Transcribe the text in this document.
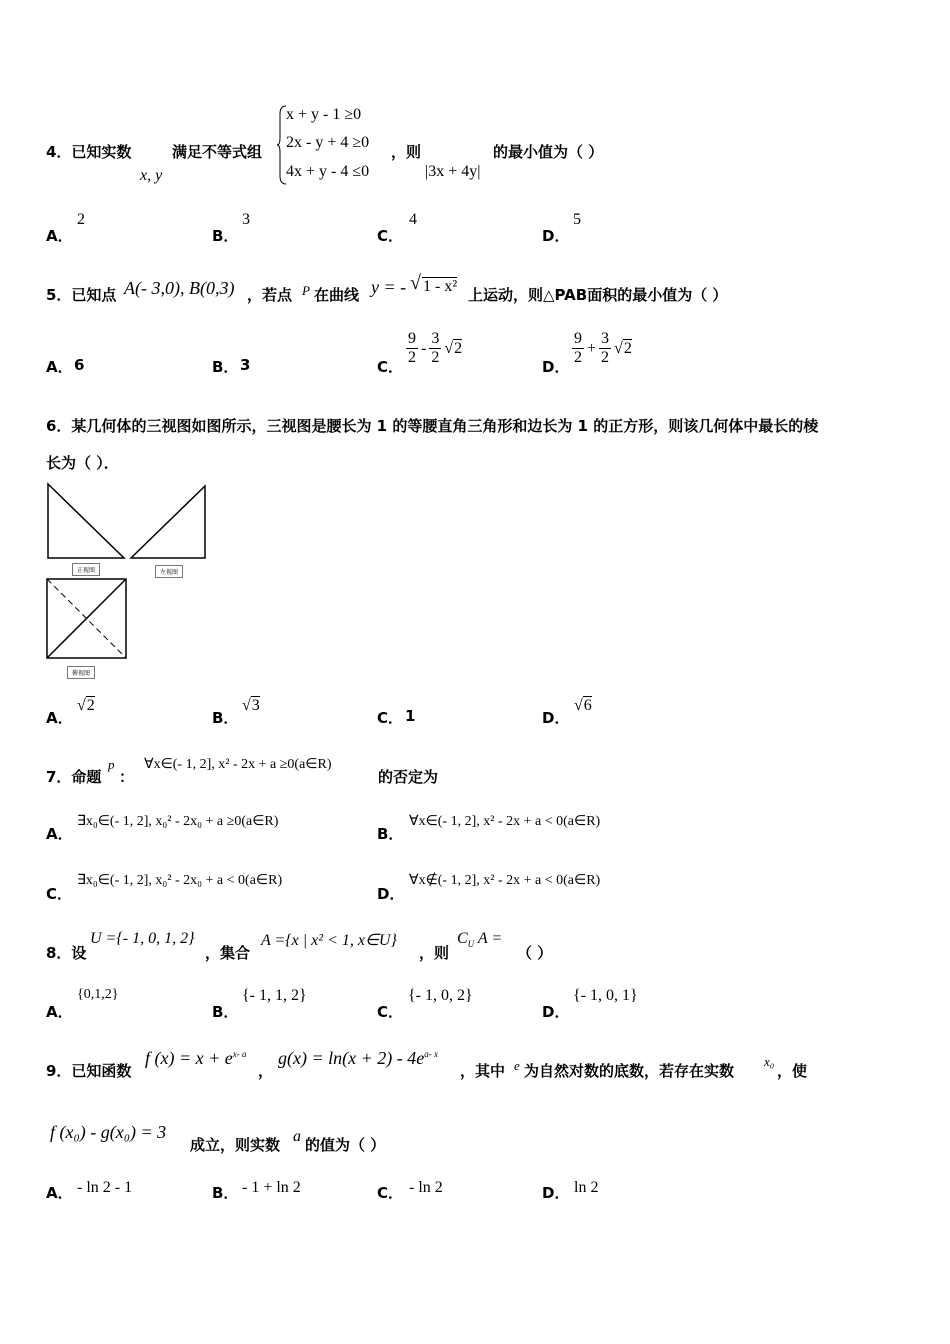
4．已知实数
x, y
满足不等式组
x + y - 1 ≥0
2x - y + 4 ≥0
4x + y - 4 ≤0
，则
|3x + 4y|
的最小值为（ ）
A．
2
B．
3
C．
4
D．
5
5．已知点 A(- 3,0), B(0,3) ，若点 P 在曲线 y = - √ 1 - x² 上运动，则△PAB面积的最小值为（ ）
A． 6	B． 3	C． $\frac{9}{2} - \frac{3}{2} √2$
D． $\frac{9}{2} + \frac{3}{2} √2$
6．某几何体的三视图如图所示，三视图是腰长为 1 的等腰直角三角形和边长为 1 的正方形，则该几何体中最长的棱
长为（ ）．
正视图	左视图
俯视图
A．
√2
B．
√3
C． 1	D．
√6
7．命题
p
：
∀x∈(- 1, 2], x² - 2x + a ≥0(a∈R)
的否定为
A．
∃x₀∈(- 1, 2], x₀² - 2x₀ + a ≥0(a∈R)
B．
∀x∈(- 1, 2], x² - 2x + a < 0(a∈R)
C．
∃x₀∈(- 1, 2], x₀² - 2x₀ + a < 0(a∈R)
D．
∀x∉(- 1, 2], x² - 2x + a < 0(a∈R)
8．设
U ={- 1, 0, 1, 2}
，集合
A ={x | x² < 1, x∈U}
，则
$C_U$ A =
（ ）
A．
{0,1,2}
B．
{- 1, 1, 2}
C．
{- 1, 0, 2}
D．
{- 1, 0, 1}
9．已知函数
f $(x) = x + e^{x- a}$
，
$g(x) = \ln(x + 2) - 4e^{a- x}$
，其中 e 为自然对数的底数，若存在实数
x₀
，使
f (x₀) - g(x₀) = 3
成立，则实数 a 的值为（ ）
A． - ln 2 - 1	B． - 1 + ln 2	C． - ln 2	D． ln 2
